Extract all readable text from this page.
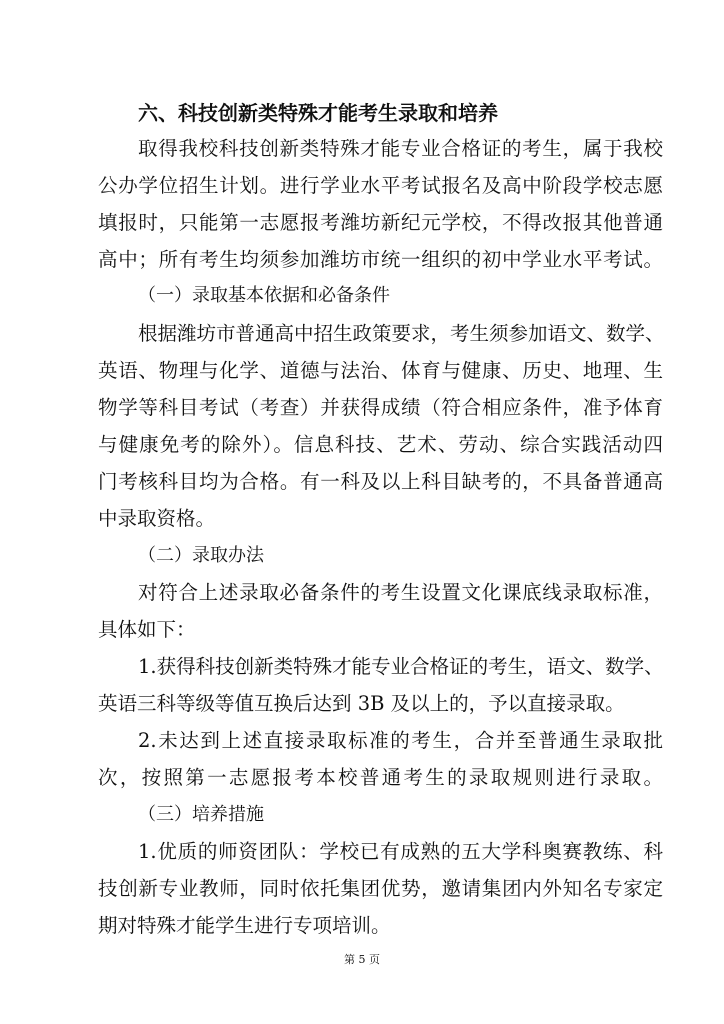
六、科技创新类特殊才能考生录取和培养
取得我校科技创新类特殊才能专业合格证的考生，属于我校
公办学位招生计划。进行学业水平考试报名及高中阶段学校志愿
填报时，只能第一志愿报考潍坊新纪元学校，不得改报其他普通
高中；所有考生均须参加潍坊市统一组织的初中学业水平考试。
（一）录取基本依据和必备条件
根据潍坊市普通高中招生政策要求，考生须参加语文、数学、
英语、物理与化学、道德与法治、体育与健康、历史、地理、生
物学等科目考试（考查）并获得成绩（符合相应条件，准予体育
与健康免考的除外）。信息科技、艺术、劳动、综合实践活动四
门考核科目均为合格。有一科及以上科目缺考的，不具备普通高
中录取资格。
（二）录取办法
对符合上述录取必备条件的考生设置文化课底线录取标准，
具体如下：
1.获得科技创新类特殊才能专业合格证的考生，语文、数学、
英语三科等级等值互换后达到 3B 及以上的，予以直接录取。
2.未达到上述直接录取标准的考生，合并至普通生录取批
次，按照第一志愿报考本校普通考生的录取规则进行录取。
（三）培养措施
1.优质的师资团队：学校已有成熟的五大学科奥赛教练、科
技创新专业教师，同时依托集团优势，邀请集团内外知名专家定
期对特殊才能学生进行专项培训。
第 5 页
